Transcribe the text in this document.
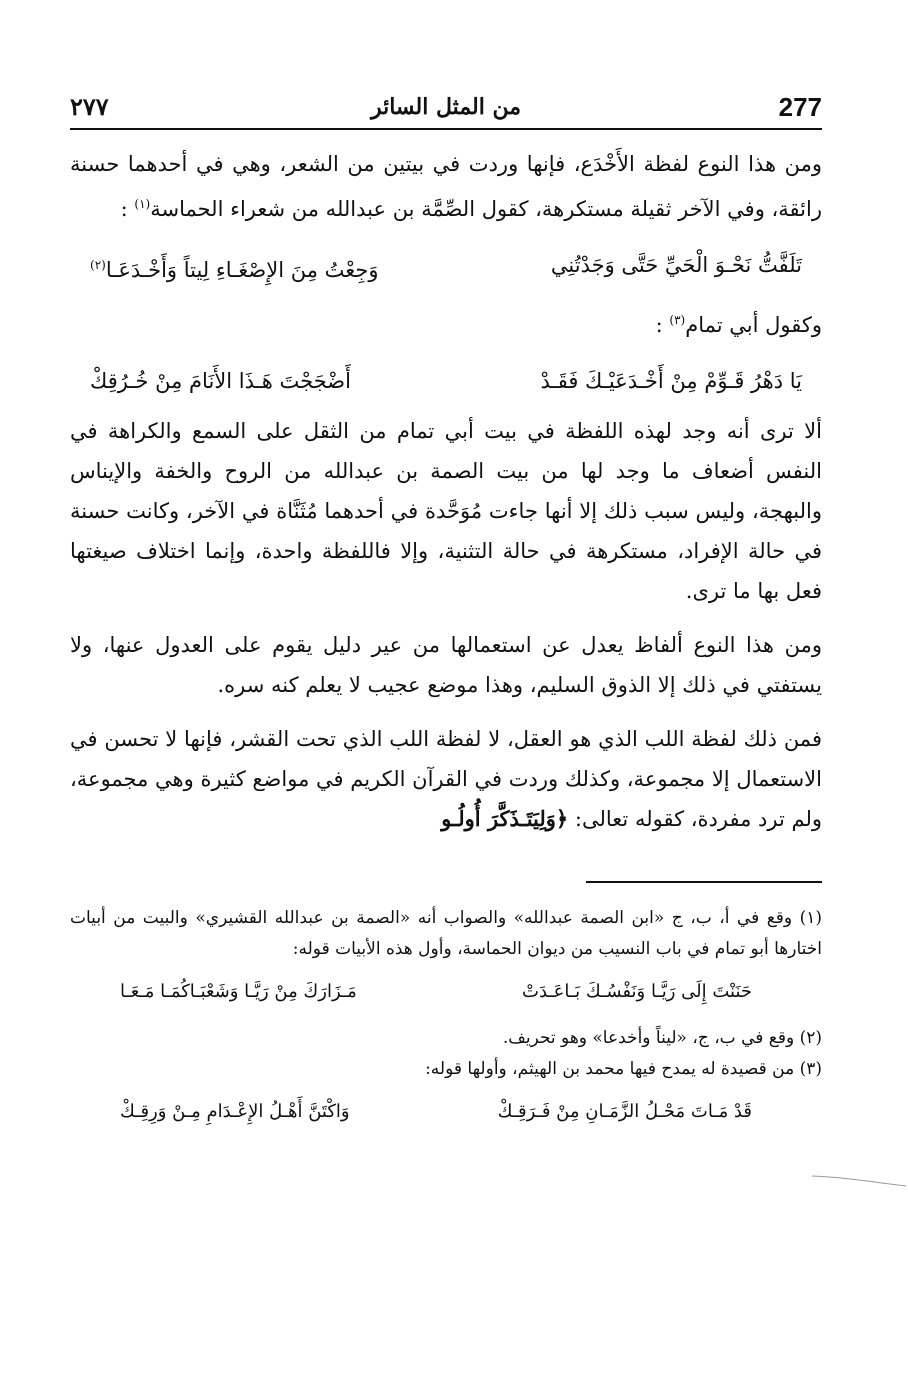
277
من المثل السائر
٢٧٧

ومن هذا النوع لفظة الأَخْدَع، فإنها وردت في بيتين من الشعر، وهي في أحدهما حسنة رائقة، وفي الآخر ثقيلة مستكرهة، كقول الصِّمَّة بن عبدالله من شعراء الحماسة$^{(١)}$ :

تَلَفَّتُّ نَحْـوَ الْحَيِّ حَتَّى وَجَدْتُنِي
وَجِعْتُ مِنَ الإِصْغَـاءِ لِيتاً وَأَخْـدَعَـا$^{(٢)}$

وكقول أبي تمام$^{(٣)}$ :

يَا دَهْرُ قَـوِّمْ مِنْ أَخْـدَعَيْـكَ فَقَـدْ
أَضْجَجْتَ هَـذَا الأَنَامَ مِنْ خُـرُقِكْ

ألا ترى أنه وجد لهذه اللفظة في بيت أبي تمام من الثقل على السمع والكراهة في النفس أضعاف ما وجد لها من بيت الصمة بن عبدالله من الروح والخفة والإيناس والبهجة، وليس سبب ذلك إلا أنها جاءت مُوَحَّدة في أحدهما مُثَنَّاة في الآخر، وكانت حسنة في حالة الإفراد، مستكرهة في حالة التثنية، وإلا فاللفظة واحدة، وإنما اختلاف صيغتها فعل بها ما ترى.

ومن هذا النوع ألفاظ يعدل عن استعمالها من عير دليل يقوم على العدول عنها، ولا يستفتي في ذلك إلا الذوق السليم، وهذا موضع عجيب لا يعلم كنه سره.

فمن ذلك لفظة اللب الذي هو العقل، لا لفظة اللب الذي تحت القشر، فإنها لا تحسن في الاستعمال إلا مجموعة، وكذلك وردت في القرآن الكريم في مواضع كثيرة وهي مجموعة، ولم ترد مفردة، كقوله تعالى: ﴿وَلِيَتَـذَكَّرَ أُولُـو

(١) وقع في أ، ب، ج «ابن الصمة عبدالله» والصواب أنه «الصمة بن عبدالله القشيري» والبيت من أبيات اختارها أبو تمام في باب النسيب من ديوان الحماسة، وأول هذه الأبيات قوله:

حَنَنْتَ إِلَى رَيَّـا وَنَفْسُـكَ بَـاعَـدَتْ
مَـزَارَكَ مِنْ رَيَّـا وَشَعْبَـاكُمَـا مَـعَـا

(٢) وقع في ب، ج، «ليناً وأخدعا» وهو تحريف.

(٣) من قصيدة له يمدح فيها محمد بن الهيثم، وأولها قوله:

قَدْ مَـاتَ مَحْـلُ الزَّمَـانِ مِنْ فَـرَقِـكْ
وَاكْتَنَّ أَهْـلُ الإِعْـدَامِ مِـنْ وَرِقِـكْ
